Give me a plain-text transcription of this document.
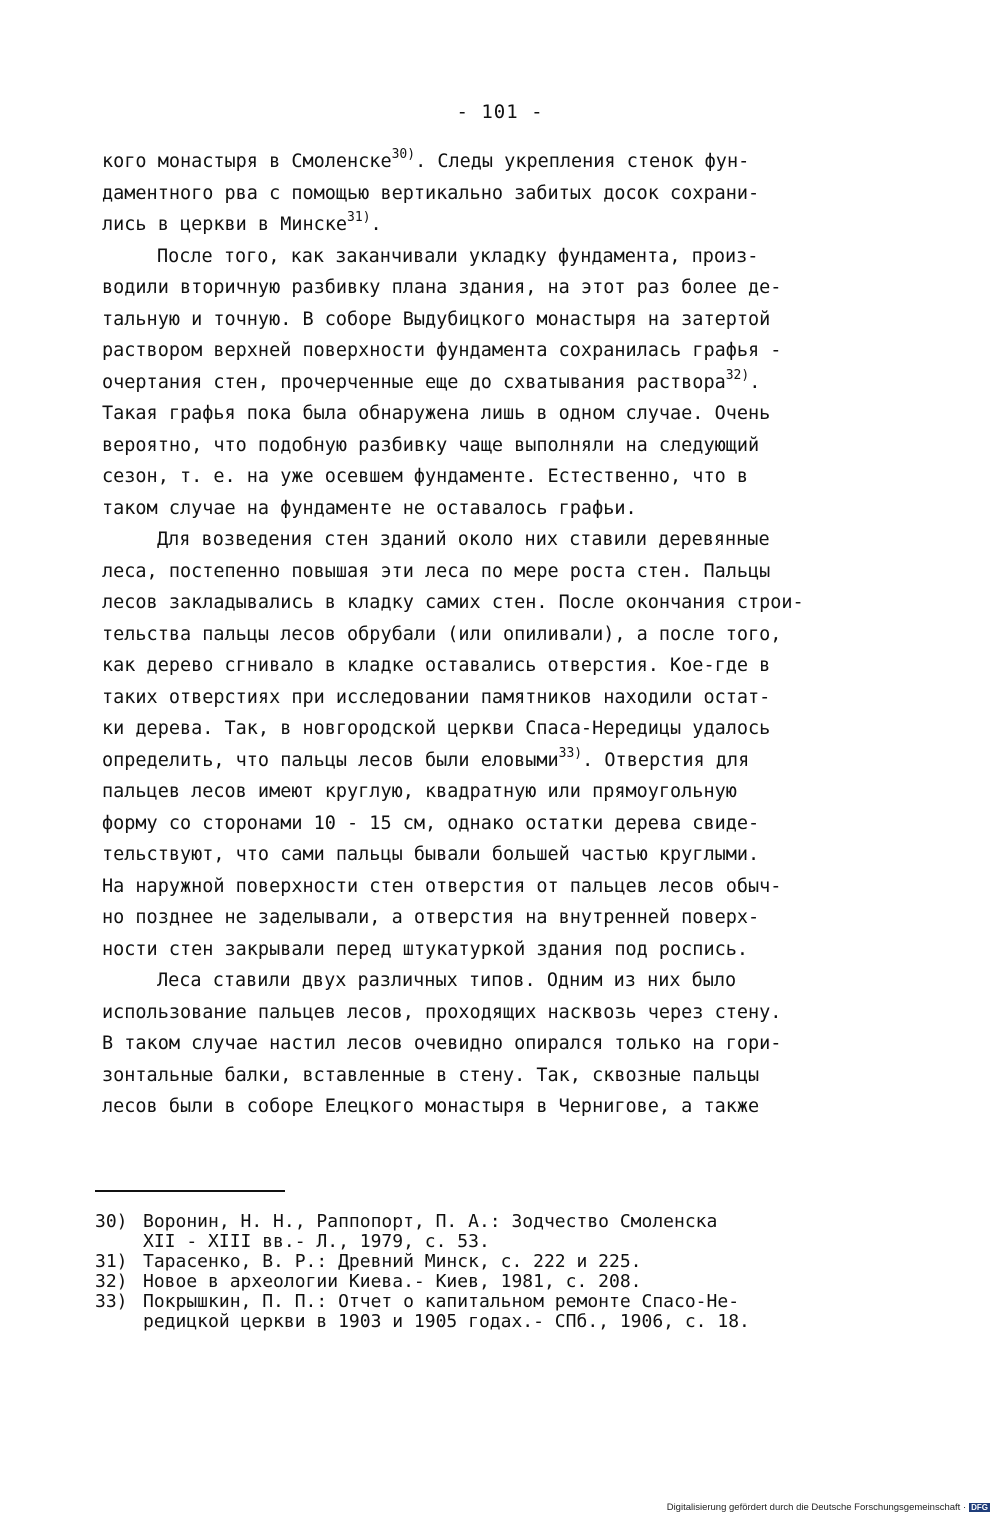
- 101 -
кого монастыря в Смоленске$^{30)}$. Следы укрепления стенок фун-
даментного рва с помощью вертикально забитых досок сохрани-
лись в церкви в Минске$^{31)}$.
После того, как заканчивали укладку фундамента, произ-
водили вторичную разбивку плана здания, на этот раз более де-
тальную и точную. В соборе Выдубицкого монастыря на затертой
раствором верхней поверхности фундамента сохранилась графья -
очертания стен, прочерченные еще до схватывания раствора$^{32)}$.
Такая графья пока была обнаружена лишь в одном случае. Очень
вероятно, что подобную разбивку чаще выполняли на следующий
сезон, т. е. на уже осевшем фундаменте. Естественно, что в
таком случае на фундаменте не оставалось графьи.
Для возведения стен зданий около них ставили деревянные
леса, постепенно повышая эти леса по мере роста стен. Пальцы
лесов закладывались в кладку самих стен. После окончания строи-
тельства пальцы лесов обрубали (или опиливали), а после того,
как дерево сгнивало в кладке оставались отверстия. Кое-где в
таких отверстиях при исследовании памятников находили остат-
ки дерева. Так, в новгородской церкви Спаса-Нередицы удалось
определить, что пальцы лесов были еловыми$^{33)}$. Отверстия для
пальцев лесов имеют круглую, квадратную или прямоугольную
форму со сторонами 10 - 15 см, однако остатки дерева свиде-
тельствуют, что сами пальцы бывали большей частью круглыми.
На наружной поверхности стен отверстия от пальцев лесов обыч-
но позднее не заделывали, а отверстия на внутренней поверх-
ности стен закрывали перед штукатуркой здания под роспись.
Леса ставили двух различных типов. Одним из них было
использование пальцев лесов, проходящих насквозь через стену.
В таком случае настил лесов очевидно опирался только на гори-
зонтальные балки, вставленные в стену. Так, сквозные пальцы
лесов были в соборе Елецкого монастыря в Чернигове, а также
30) Воронин, Н. Н., Раппопорт, П. А.: Зодчество Смоленска
XII - XIII вв.- Л., 1979, с. 53.
31) Тарасенко, В. Р.: Древний Минск, с. 222 и 225.
32) Новое в археологии Киева.- Киев, 1981, с. 208.
33) Покрышкин, П. П.: Отчет о капитальном ремонте Спасо-Не-
редицкой церкви в 1903 и 1905 годах.- СПб., 1906, с. 18.
Digitalisierung gefördert durch die Deutsche Forschungsgemeinschaft · DFG
